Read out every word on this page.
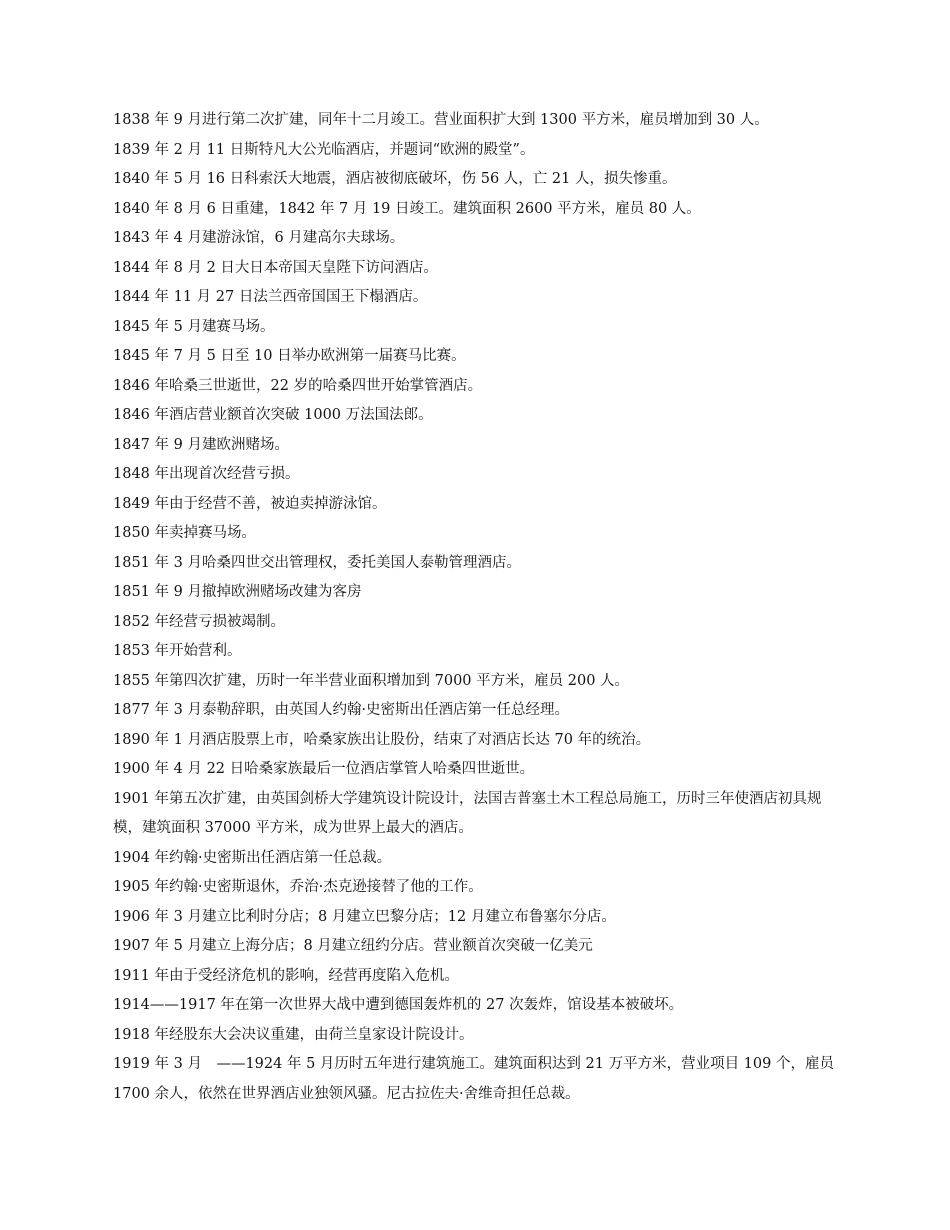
1838 年 9 月进行第二次扩建，同年十二月竣工。营业面积扩大到 1300 平方米，雇员增加到 30 人。

1839 年 2 月 11 日斯特凡大公光临酒店，并题词“欧洲的殿堂”。

1840 年 5 月 16 日科索沃大地震，酒店被彻底破坏，伤 56 人，亡 21 人，损失惨重。

1840 年 8 月 6 日重建，1842 年 7 月 19 日竣工。建筑面积 2600 平方米，雇员 80 人。

1843 年 4 月建游泳馆，6 月建高尔夫球场。

1844 年 8 月 2 日大日本帝国天皇陛下访问酒店。

1844 年 11 月 27 日法兰西帝国国王下榻酒店。

1845 年 5 月建赛马场。

1845 年 7 月 5 日至 10 日举办欧洲第一届赛马比赛。

1846 年哈桑三世逝世，22 岁的哈桑四世开始掌管酒店。

1846 年酒店营业额首次突破 1000 万法国法郎。

1847 年 9 月建欧洲赌场。

1848 年出现首次经营亏损。

1849 年由于经营不善，被迫卖掉游泳馆。

1850 年卖掉赛马场。

1851 年 3 月哈桑四世交出管理权，委托美国人泰勒管理酒店。

1851 年 9 月撤掉欧洲赌场改建为客房

1852 年经营亏损被竭制。

1853 年开始营利。

1855 年第四次扩建，历时一年半营业面积增加到 7000 平方米，雇员 200 人。

1877 年 3 月泰勒辞职，由英国人约翰·史密斯出任酒店第一任总经理。

1890 年 1 月酒店股票上市，哈桑家族出让股份，结束了对酒店长达 70 年的统治。

1900 年 4 月 22 日哈桑家族最后一位酒店掌管人哈桑四世逝世。

1901 年第五次扩建，由英国剑桥大学建筑设计院设计，法国吉普塞土木工程总局施工，历时三年使酒店初具规模，建筑面积 37000 平方米，成为世界上最大的酒店。

1904 年约翰·史密斯出任酒店第一任总裁。

1905 年约翰·史密斯退休，乔治·杰克逊接替了他的工作。

1906 年 3 月建立比利时分店；8 月建立巴黎分店；12 月建立布鲁塞尔分店。

1907 年 5 月建立上海分店；8 月建立纽约分店。营业额首次突破一亿美元

1911 年由于受经济危机的影响，经营再度陷入危机。

1914——1917 年在第一次世界大战中遭到德国轰炸机的 27 次轰炸，馆设基本被破坏。

1918 年经股东大会决议重建，由荷兰皇家设计院设计。

1919 年 3 月　——1924 年 5 月历时五年进行建筑施工。建筑面积达到 21 万平方米，营业项目 109 个，雇员 1700 余人，依然在世界酒店业独领风骚。尼古拉佐夫·舍维奇担任总裁。
